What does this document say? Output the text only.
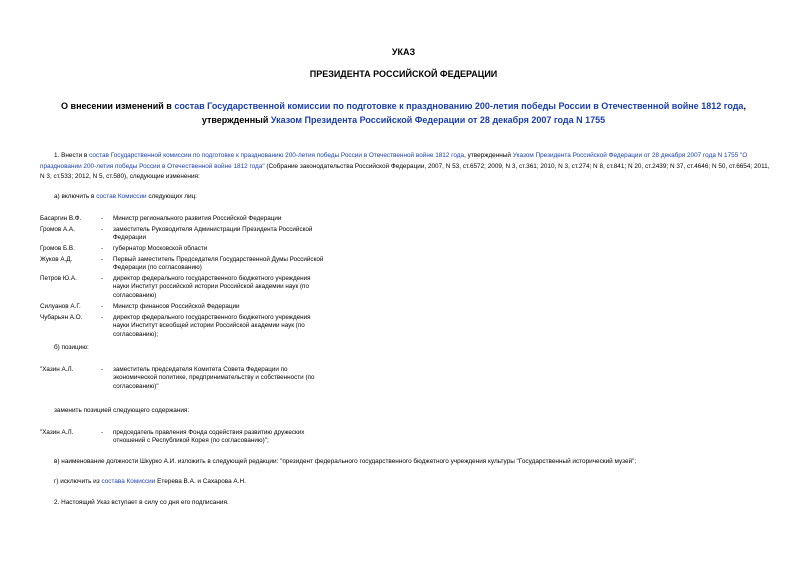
УКАЗ
ПРЕЗИДЕНТА РОССИЙСКОЙ ФЕДЕРАЦИИ
О внесении изменений в состав Государственной комиссии по подготовке к празднованию 200-летия победы России в Отечественной войне 1812 года, утвержденный Указом Президента Российской Федерации от 28 декабря 2007 года N 1755
1. Внести в состав Государственной комиссии по подготовке к празднованию 200-летия победы России в Отечественной войне 1812 года, утвержденный Указом Президента Российской Федерации от 28 декабря 2007 года N 1755 "О праздновании 200-летия победы России в Отечественной войне 1812 года" (Собрание законодательства Российской Федерации, 2007, N 53, ст.6572; 2009, N 3, ст.361; 2010, N 3, ст.274; N 8, ст.841; N 20, ст.2439; N 37, ст.4646; N 50, ст.6654; 2011, N 3, ст.533; 2012, N 5, ст.580), следующие изменения:
а) включить в состав Комиссии следующих лиц:
Басаргин В.Ф.	-	Министр регионального развития Российской Федерации
Громов А.А.	-	заместитель Руководителя Администрации Президента Российской Федерации
Громов Б.В.	-	губернатор Московской области
Жуков А.Д.	-	Первый заместитель Председателя Государственной Думы Российской Федерации (по согласованию)
Петров Ю.А.	-	директор федерального государственного бюджетного учреждения науки Институт российской истории Российской академии наук (по согласованию)
Силуанов А.Г.	-	Министр финансов Российской Федерации
Чубарьян А.О.	-	директор федерального государственного бюджетного учреждения науки Институт всеобщей истории Российской академии наук (по согласованию);
б) позицию:
"Хазин А.Л.	-	заместитель председателя Комитета Совета Федерации по экономической политике, предпринимательству и собственности (по согласованию)"
заменить позицией следующего содержания:
"Хазин А.Л.	-	председатель правления Фонда содействия развитию дружеских отношений с Республикой Корея (по согласованию)";
в) наименование должности Шкурко А.И. изложить в следующей редакции: "президент федерального государственного бюджетного учреждения культуры "Государственный исторический музей";
г) исключить из состава Комиссии Етерева В.А. и Сахарова А.Н.
2. Настоящий Указ вступает в силу со дня его подписания.
